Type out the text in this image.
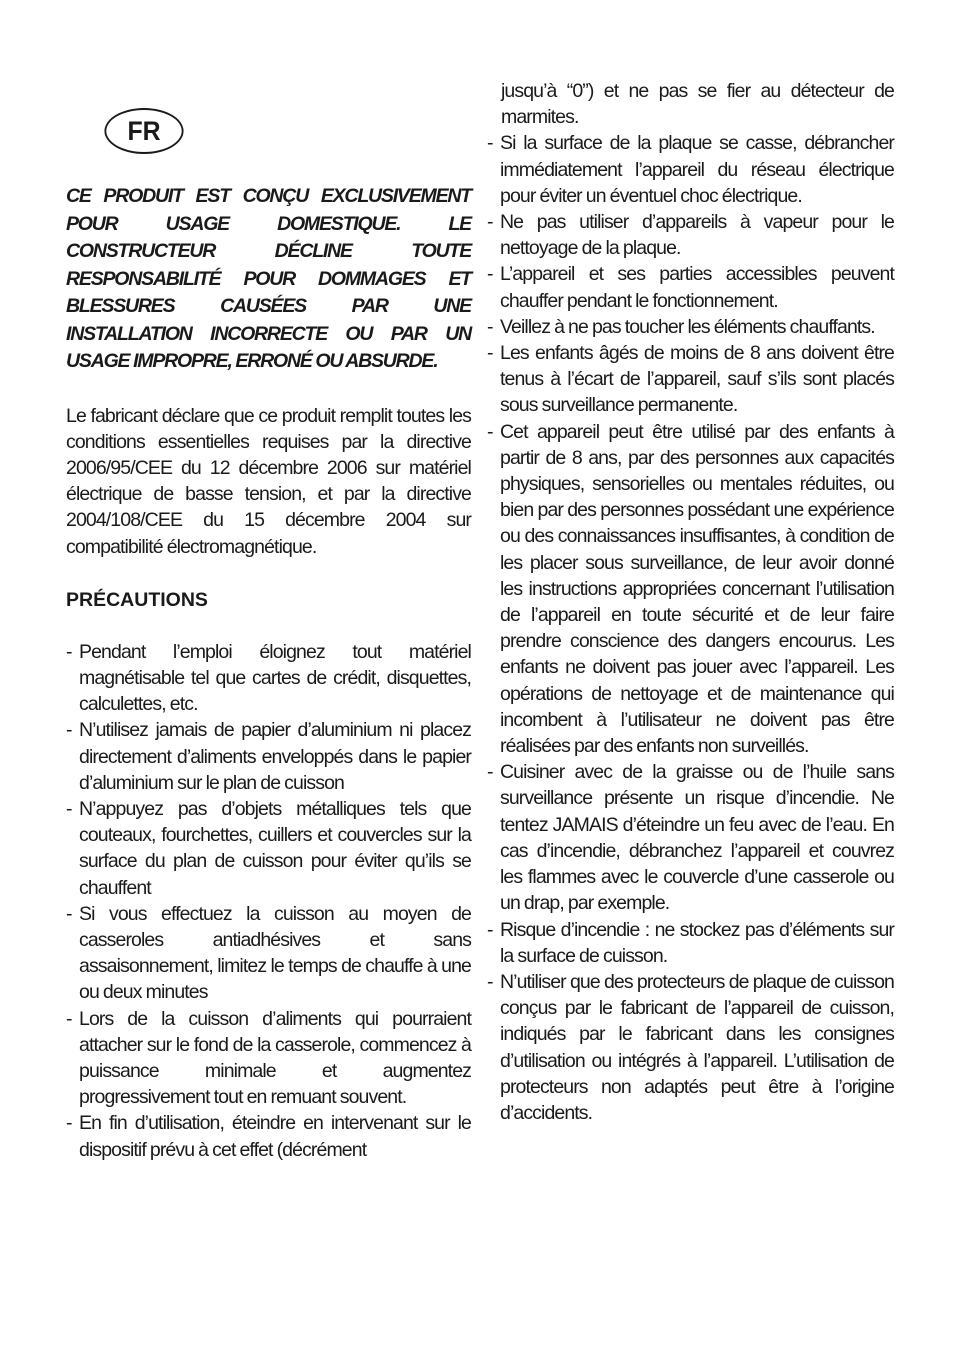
FR

CE PRODUIT EST CONÇU EXCLUSIVEMENT POUR USAGE DOMESTIQUE. LE CONSTRUCTEUR DÉCLINE TOUTE RESPONSABILITÉ POUR DOMMAGES ET BLESSURES CAUSÉES PAR UNE INSTALLATION INCORRECTE OU PAR UN USAGE IMPROPRE, ERRONÉ OU ABSURDE.

Le fabricant déclare que ce produit remplit toutes les conditions essentielles requises par la directive 2006/95/CEE du 12 décembre 2006 sur matériel électrique de basse tension, et par la directive 2004/108/CEE du 15 décembre 2004 sur compatibilité électromagnétique.

PRÉCAUTIONS
- Pendant l’emploi éloignez tout matériel magnétisable tel que cartes de crédit, disquettes, calculettes, etc.
- N’utilisez jamais de papier d’aluminium ni placez directement d’aliments enveloppés dans le papier d’aluminium sur le plan de cuisson
- N’appuyez pas d’objets métalliques tels que couteaux, fourchettes, cuillers et couvercles sur la surface du plan de cuisson pour éviter qu’ils se chauffent
- Si vous effectuez la cuisson au moyen de casseroles antiadhésives et sans assaisonnement, limitez le temps de chauffe à une ou deux minutes
- Lors de la cuisson d’aliments qui pourraient attacher sur le fond de la casserole, commencez à puissance minimale et augmentez progressivement tout en remuant souvent.
- En fin d’utilisation, éteindre en intervenant sur le dispositif prévu à cet effet (décrément

jusqu’à “0”) et ne pas se fier au détecteur de marmites.

- Si la surface de la plaque se casse, débrancher immédiatement l’appareil du réseau électrique pour éviter un éventuel choc électrique.
- Ne pas utiliser d’appareils à vapeur pour le nettoyage de la plaque.
- L’appareil et ses parties accessibles peuvent chauffer pendant le fonctionnement.
- Veillez à ne pas toucher les éléments chauffants.
- Les enfants âgés de moins de 8 ans doivent être tenus à l’écart de l’appareil, sauf s’ils sont placés sous surveillance permanente.
- Cet appareil peut être utilisé par des enfants à partir de 8 ans, par des personnes aux capacités physiques, sensorielles ou mentales réduites, ou bien par des personnes possédant une expérience ou des connaissances insuffisantes, à condition de les placer sous surveillance, de leur avoir donné les instructions appropriées concernant l’utilisation de l’appareil en toute sécurité et de leur faire prendre conscience des dangers encourus. Les enfants ne doivent pas jouer avec l’appareil. Les opérations de nettoyage et de maintenance qui incombent à l’utilisateur ne doivent pas être réalisées par des enfants non surveillés.
- Cuisiner avec de la graisse ou de l’huile sans surveillance présente un risque d’incendie. Ne tentez JAMAIS d’éteindre un feu avec de l’eau. En cas d’incendie, débranchez l’appareil et couvrez les flammes avec le couvercle d’une casserole ou un drap, par exemple.
- Risque d’incendie : ne stockez pas d’éléments sur la surface de cuisson.
- N’utiliser que des protecteurs de plaque de cuisson conçus par le fabricant de l’appareil de cuisson, indiqués par le fabricant dans les consignes d’utilisation ou intégrés à l’appareil. L’utilisation de protecteurs non adaptés peut être à l’origine d’accidents.
